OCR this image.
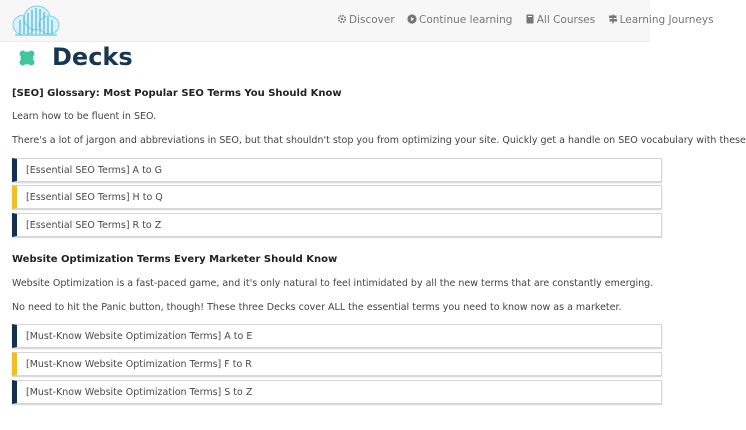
Discover Continue learning All Courses Learning Journeys
Decks
[SEO] Glossary: Most Popular SEO Terms You Should Know
Learn how to be fluent in SEO.
There's a lot of jargon and abbreviations in SEO, but that shouldn't stop you from optimizing your site. Quickly get a handle on SEO vocabulary with these
[Essential SEO Terms] A to G
[Essential SEO Terms] H to Q
[Essential SEO Terms] R to Z
Website Optimization Terms Every Marketer Should Know
Website Optimization is a fast-paced game, and it's only natural to feel intimidated by all the new terms that are constantly emerging.
No need to hit the Panic button, though! These three Decks cover ALL the essential terms you need to know now as a marketer.
[Must-Know Website Optimization Terms] A to E
[Must-Know Website Optimization Terms] F to R
[Must-Know Website Optimization Terms] S to Z
